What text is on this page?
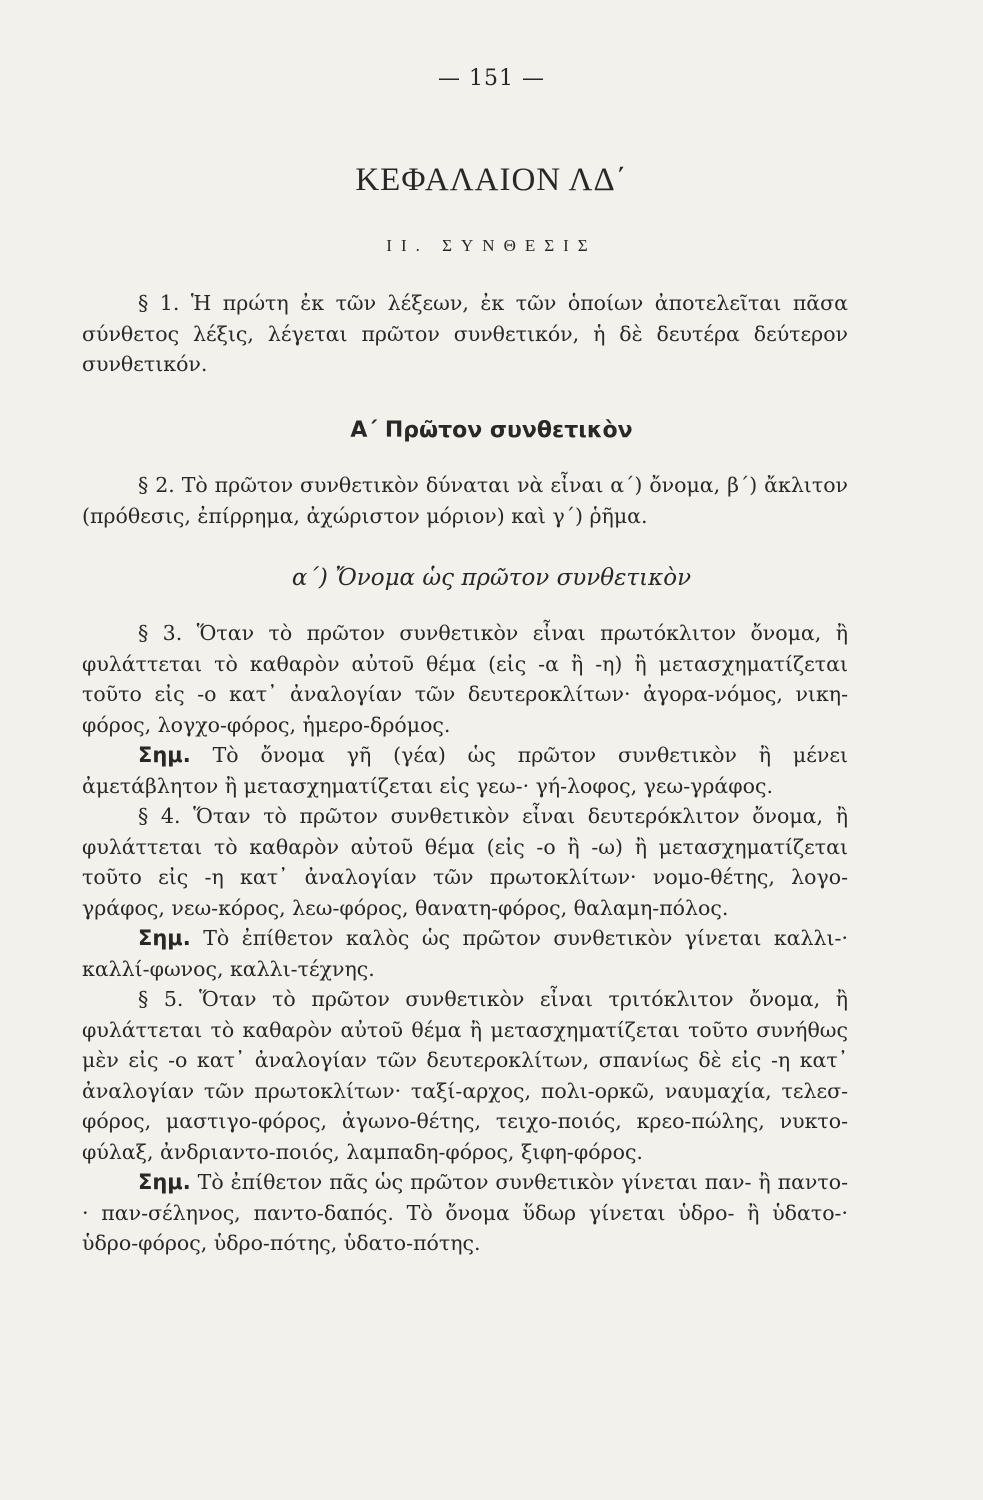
— 151 —
ΚΕΦΑΛΑΙΟΝ ΛΔ΄
ΙΙ. ΣΥΝΘΕΣΙΣ

§ 1. Ἡ πρώτη ἐκ τῶν λέξεων, ἐκ τῶν ὁποίων ἀποτελεῖται πᾶσα σύνθετος λέξις, λέγεται πρῶτον συνθετικόν, ἡ δὲ δευτέρα δεύτερον συνθετικόν.

Α΄ Πρῶτον συνθετικὸν

§ 2. Τὸ πρῶτον συνθετικὸν δύναται νὰ εἶναι α΄) ὄνομα, β΄) ἄκλιτον (πρόθεσις, ἐπίρρημα, ἀχώριστον μόριον) καὶ γ΄) ῥῆμα.

α΄) Ὄνομα ὡς πρῶτον συνθετικὸν

§ 3. Ὅταν τὸ πρῶτον συνθετικὸν εἶναι πρωτόκλιτον ὄνομα, ἢ φυλάττεται τὸ καθαρὸν αὐτοῦ θέμα (εἰς -α ἢ -η) ἢ μετασχηματίζεται τοῦτο εἰς -ο κατ᾿ ἀναλογίαν τῶν δευτεροκλίτων· ἀγορα-νόμος, νικη-φόρος, λογχο-φόρος, ἡμερο-δρόμος.

Σημ. Τὸ ὄνομα γῆ (γέα) ὡς πρῶτον συνθετικὸν ἢ μένει ἀμετάβλητον ἢ μετασχηματίζεται εἰς γεω-· γή-λοφος, γεω-γράφος.

§ 4. Ὅταν τὸ πρῶτον συνθετικὸν εἶναι δευτερόκλιτον ὄνομα, ἢ φυλάττεται τὸ καθαρὸν αὐτοῦ θέμα (εἰς -ο ἢ -ω) ἢ μετασχηματίζεται τοῦτο εἰς -η κατ᾿ ἀναλογίαν τῶν πρωτοκλίτων· νομο-θέτης, λογο-γράφος, νεω-κόρος, λεω-φόρος, θανατη-φόρος, θαλαμη-πόλος.

Σημ. Τὸ ἐπίθετον καλὸς ὡς πρῶτον συνθετικὸν γίνεται καλλι-· καλλί-φωνος, καλλι-τέχνης.

§ 5. Ὅταν τὸ πρῶτον συνθετικὸν εἶναι τριτόκλιτον ὄνομα, ἢ φυλάττεται τὸ καθαρὸν αὐτοῦ θέμα ἢ μετασχηματίζεται τοῦτο συνήθως μὲν εἰς -ο κατ᾿ ἀναλογίαν τῶν δευτεροκλίτων, σπανίως δὲ εἰς -η κατ᾿ ἀναλογίαν τῶν πρωτοκλίτων· ταξί-αρχος, πολι-ορκῶ, ναυμαχία, τελεσ-φόρος, μαστιγο-φόρος, ἀγωνο-θέτης, τειχο-ποιός, κρεο-πώλης, νυκτο-φύλαξ, ἀνδριαντο-ποιός, λαμπαδη-φόρος, ξιφη-φόρος.

Σημ. Τὸ ἐπίθετον πᾶς ὡς πρῶτον συνθετικὸν γίνεται παν- ἢ παντο-· παν-σέληνος, παντο-δαπός. Τὸ ὄνομα ὕδωρ γίνεται ὑδρο- ἢ ὑδατο-· ὑδρο-φόρος, ὑδρο-πότης, ὑδατο-πότης.
